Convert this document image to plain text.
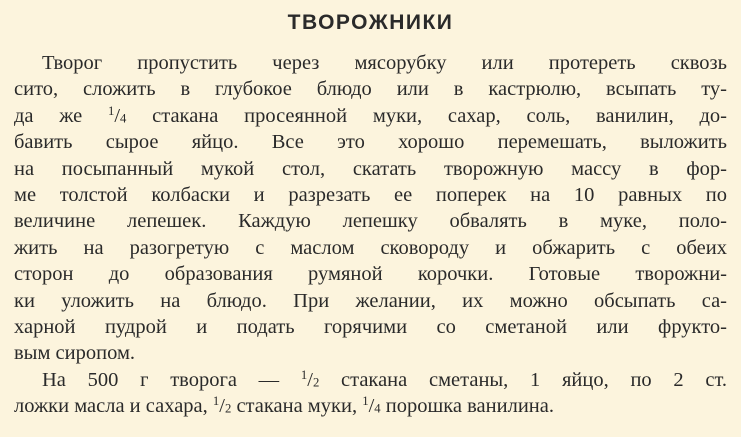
ТВОРОЖНИКИ
Творог пропустить через мясорубку или протереть сквозь
сито, сложить в глубокое блюдо или в кастрюлю, всыпать ту-
да же $^1/_4$ стакана просеянной муки, сахар, соль, ванилин, до-
бавить сырое яйцо. Все это хорошо перемешать, выложить
на посыпанный мукой стол, скатать творожную массу в фор-
ме толстой колбаски и разрезать ее поперек на 10 равных по
величине лепешек. Каждую лепешку обвалять в муке, поло-
жить на разогретую с маслом сковороду и обжарить с обеих
сторон до образования румяной корочки. Готовые творожни-
ки уложить на блюдо. При желании, их можно обсыпать са-
харной пудрой и подать горячими со сметаной или фрукто-
вым сиропом.
На 500 г творога — $^1/_2$ стакана сметаны, 1 яйцо, по 2 ст.
ложки масла и сахара, $^1/_2$ стакана муки, $^1/_4$ порошка ванилина.
